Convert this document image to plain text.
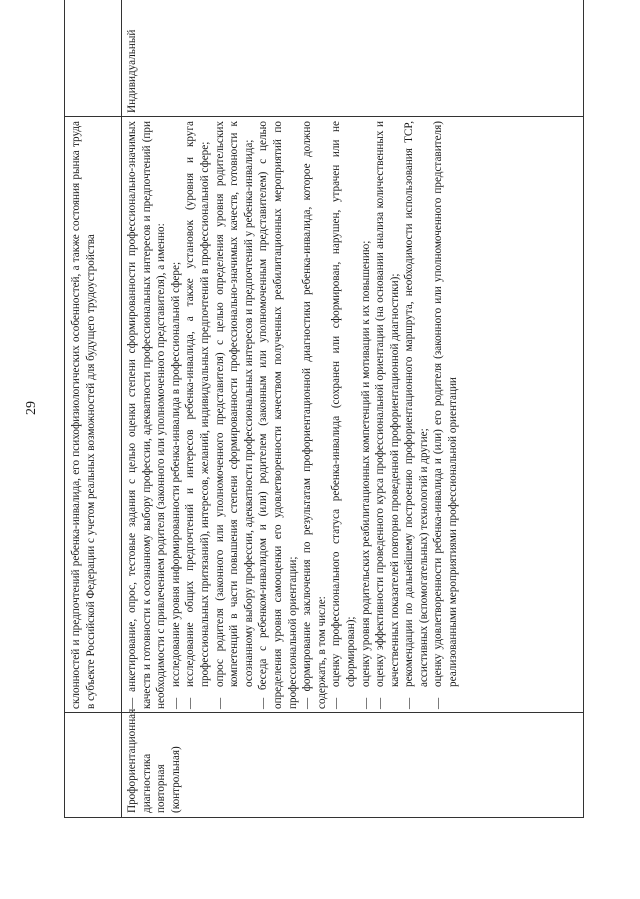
склонностей и предпочтений ребенка-инвалида, его психофизиологических особенностей, а также состояния рынка труда в субъекте Российской Федерации с учетом реальных возможностей для будущего трудоустройства

Профориентационная диагностика повторная (контрольная)

— анкетирование, опрос, тестовые задания с целью оценки степени сформированности профессионально-значимых качеств и готовности к осознанному выбору профессии, адекватности профессиональных интересов и предпочтений (при необходимости с привлечением родителя (законного или уполномоченного представителя), а именно: —
исследование уровня информированности ребенка-инвалида в профессиональной сфере;
—
исследование общих предпочтений и интересов ребенка-инвалида, а также установок (уровня и круга профессиональных притязаний), интересов, желаний, индивидуальных предпочтений в профессиональной сфере;
—
опрос родителя (законного или уполномоченного представителя) с целью определения уровня родительских компетенций в части повышения степени сформированности профессионально-значимых качеств, готовности к осознанному выбору профессии, адекватности профессиональных интересов и предпочтений у ребенка-инвалида; — беседа с ребенком-инвалидом и (или) родителем (законным или уполномоченным представителем) с целью определения уровня самооценки его удовлетворенности качеством полученных реабилитационных мероприятий по профессиональной ориентации; — формирование заключения по результатам профориентационной диагностики ребенка-инвалида, которое должно содержать, в том числе: —
оценку профессионального статуса ребенка-инвалида (сохранен или сформирован, нарушен, утрачен или не сформирован);
—
оценку уровня родительских реабилитационных компетенций и мотивации к их повышению;
—
оценку эффективности проведенного курса профессиональной ориентации (на основании анализа количественных и качественных показателей повторно проведенной профориентационной диагностики);
—
рекомендации по дальнейшему построению профориентационного маршрута, необходимости использования ТСР, ассистивных (вспомогательных) технологий и другие;
—
оценку удовлетворенности ребенка-инвалида и (или) его родителя (законного или уполномоченного представителя) реализованными мероприятиями профессиональной ориентации
Индивидуальный
29
